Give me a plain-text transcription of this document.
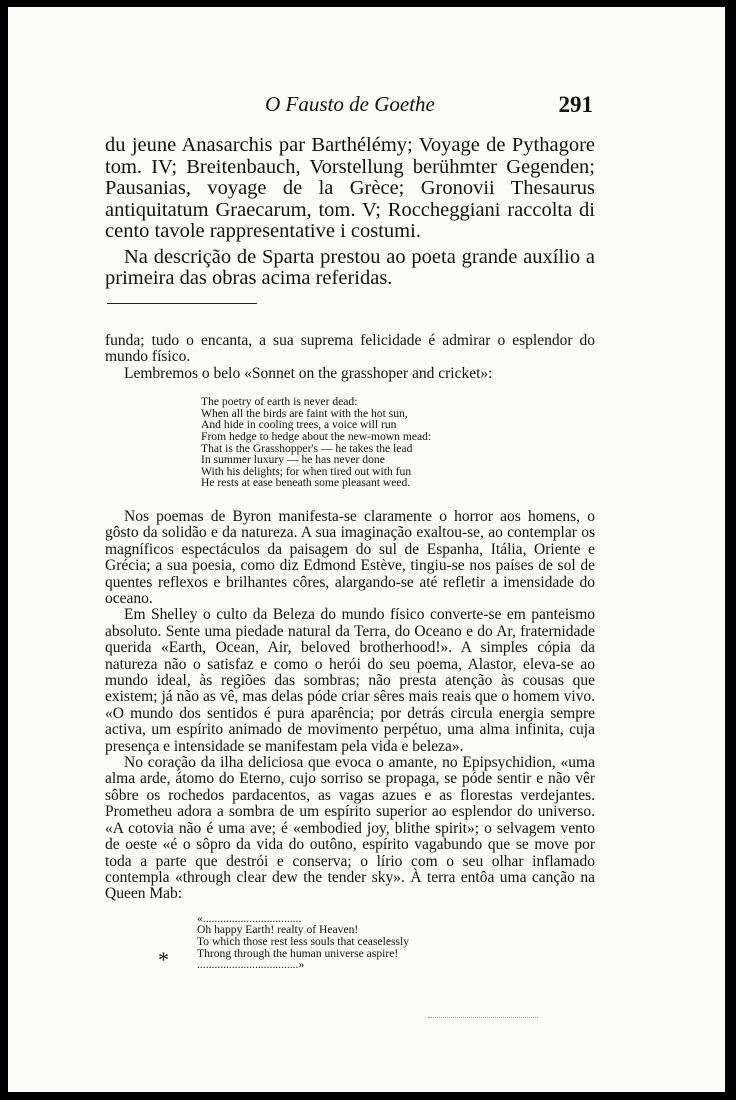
O Fausto de Goethe	291

du jeune Anasarchis par Barthélémy; Voyage de Pythagore tom. IV; Breitenbauch, Vorstellung berühmter Gegenden; Pausanias, voyage de la Grèce; Gronovii Thesaurus antiquitatum Graecarum, tom. V; Roccheggiani raccolta di cento tavole rappresentative i costumi.

Na descrição de Sparta prestou ao poeta grande auxílio a primeira das obras acima referidas.

funda; tudo o encanta, a sua suprema felicidade é admirar o esplendor do mundo físico.

Lembremos o belo «Sonnet on the grasshoper and cricket»:

The poetry of earth is never dead:
When all the birds are faint with the hot sun,
And hide in cooling trees, a voice will run
From hedge to hedge about the new-mown mead:
That is the Grasshopper's — he takes the lead
In summer luxury — he has never done
With his delights; for when tired out with fun
He rests at ease beneath some pleasant weed.

Nos poemas de Byron manifesta-se claramente o horror aos homens, o gôsto da solidão e da natureza. A sua imaginação exaltou-se, ao contemplar os magníficos espectáculos da paisagem do sul de Espanha, Itália, Oriente e Grécia; a sua poesia, como diz Edmond Estève, tingiu-se nos países de sol de quentes reflexos e brilhantes côres, alargando-se até refletir a imensidade do oceano.

Em Shelley o culto da Beleza do mundo físico converte-se em panteismo absoluto. Sente uma piedade natural da Terra, do Oceano e do Ar, fraternidade querida «Earth, Ocean, Air, beloved brotherhood!». A simples cópia da natureza não o satisfaz e como o herói do seu poema, Alastor, eleva-se ao mundo ideal, às regiões das sombras; não presta atenção às cousas que existem; já não as vê, mas delas póde criar sêres mais reais que o homem vivo. «O mundo dos sentidos é pura aparência; por detrás circula energia sempre activa, um espírito animado de movimento perpétuo, uma alma infinita, cuja presença e intensidade se manifestam pela vida e beleza».

No coração da ilha deliciosa que evoca o amante, no Epipsychidion, «uma alma arde, átomo do Eterno, cujo sorriso se propaga, se póde sentir e não vêr sôbre os rochedos pardacentos, as vagas azues e as florestas verdejantes. Prometheu adora a sombra de um espírito superior ao esplendor do universo. «A cotovia não é uma ave; é «embodied joy, blithe spirit»; o selvagem vento de oeste «é o sôpro da vida do outôno, espírito vagabundo que se move por toda a parte que destrói e conserva; o lírio com o seu olhar inflamado contempla «through clear dew the tender sky». À terra entôa uma canção na Queen Mab:

«..................................
Oh happy Earth! realty of Heaven!
To which those rest less souls that ceaselessly
Throng through the human universe aspire!
...................................»
*
